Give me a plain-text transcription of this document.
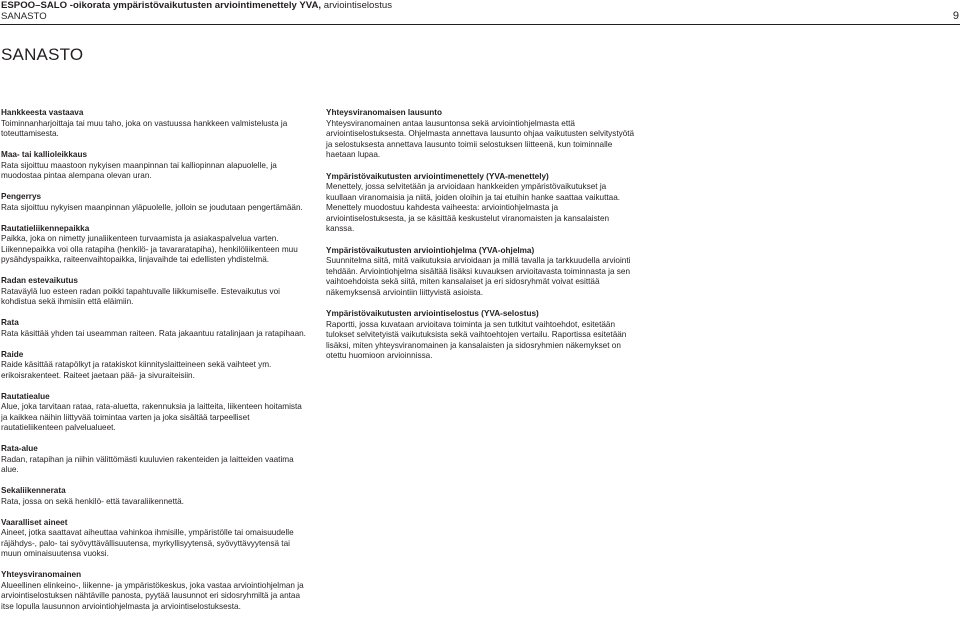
ESPOO–SALO -oikorata ympäristövaikutusten arviointimenettely YVA, arviointiselostus
SANASTO	9
SANASTO

Hankkeesta vastaava

Toiminnanharjoittaja tai muu taho, joka on vastuussa hankkeen valmistelusta ja toteuttamisesta.

Maa- tai kallioleikkaus

Rata sijoittuu maastoon nykyisen maanpinnan tai kalliopinnan alapuolelle, ja muodostaa pintaa alempana olevan uran.

Pengerrys

Rata sijoittuu nykyisen maanpinnan yläpuolelle, jolloin se joudutaan pengertämään.

Rautatieliikennepaikka

Paikka, joka on nimetty junaliikenteen turvaamista ja asiakaspalvelua varten. Liikennepaikka voi olla ratapiha (henkilö- ja tavararatapiha), henkilöliikenteen muu pysähdyspaikka, raiteenvaihtopaikka, linjavaihde tai edellisten yhdistelmä.

Radan estevaikutus

Rataväylä luo esteen radan poikki tapahtuvalle liikkumiselle. Estevaikutus voi kohdistua sekä ihmisiin että eläimiin.

Rata

Rata käsittää yhden tai useamman raiteen. Rata jakaantuu ratalinjaan ja ratapihaan.

Raide

Raide käsittää ratapölkyt ja ratakiskot kiinnityslaitteineen sekä vaihteet ym. erikoisrakenteet. Raiteet jaetaan pää- ja sivuraiteisiin.

Rautatiealue

Alue, joka tarvitaan rataa, rata-aluetta, rakennuksia ja laitteita, liikenteen hoitamista ja kaikkea näihin liittyvää toimintaa varten ja joka sisältää tarpeelliset rautatieliikenteen palvelualueet.

Rata-alue

Radan, ratapihan ja niihin välittömästi kuuluvien rakenteiden ja laitteiden vaatima alue.

Sekaliikennerata

Rata, jossa on sekä henkilö- että tavaraliikennettä.

Vaaralliset aineet

Aineet, jotka saattavat aiheuttaa vahinkoa ihmisille, ympäristölle tai omaisuudelle räjähdys-, palo- tai syövyttävällisuutensa, myrkyllisyytensä, syövyttävyytensä tai muun ominaisuutensa vuoksi.

Yhteysviranomainen

Alueellinen elinkeino-, liikenne- ja ympäristökeskus, joka vastaa arviointiohjelman ja arviointiselostuksen nähtäville panosta, pyytää lausunnot eri sidosryhmiltä ja antaa itse lopulla lausunnon arviointiohjelmasta ja arviointiselostuksesta.

Yhteysviranomaisen lausunto

Yhteysviranomainen antaa lausuntonsa sekä arviointiohjelmasta että arviointiselostuksesta. Ohjelmasta annettava lausunto ohjaa vaikutusten selvitystyötä ja selostuksesta annettava lausunto toimii selostuksen liitteenä, kun toiminnalle haetaan lupaa.

Ympäristövaikutusten arviointimenettely (YVA-menettely)

Menettely, jossa selvitetään ja arvioidaan hankkeiden ympäristövaikutukset ja kuullaan viranomaisia ja niitä, joiden oloihin ja tai etuihin hanke saattaa vaikuttaa. Menettely muodostuu kahdesta vaiheesta: arviointiohjelmasta ja arviointiselostuksesta, ja se käsittää keskustelut viranomaisten ja kansalaisten kanssa.

Ympäristövaikutusten arviointiohjelma (YVA-ohjelma)

Suunnitelma siitä, mitä vaikutuksia arvioidaan ja millä tavalla ja tarkkuudella arviointi tehdään. Arviointiohjelma sisältää lisäksi kuvauksen arvioitavasta toiminnasta ja sen vaihtoehdoista sekä siitä, miten kansalaiset ja eri sidosryhmät voivat esittää näkemyksensä arviointiin liittyvistä asioista.

Ympäristövaikutusten arviointiselostus (YVA-selostus)

Raportti, jossa kuvataan arvioitava toiminta ja sen tutkitut vaihtoehdot, esitetään tulokset selvitetyistä vaikutuksista sekä vaihtoehtojen vertailu. Raportissa esitetään lisäksi, miten yhteysviranomainen ja kansalaisten ja sidosryhmien näkemykset on otettu huomioon arvioinnissa.
